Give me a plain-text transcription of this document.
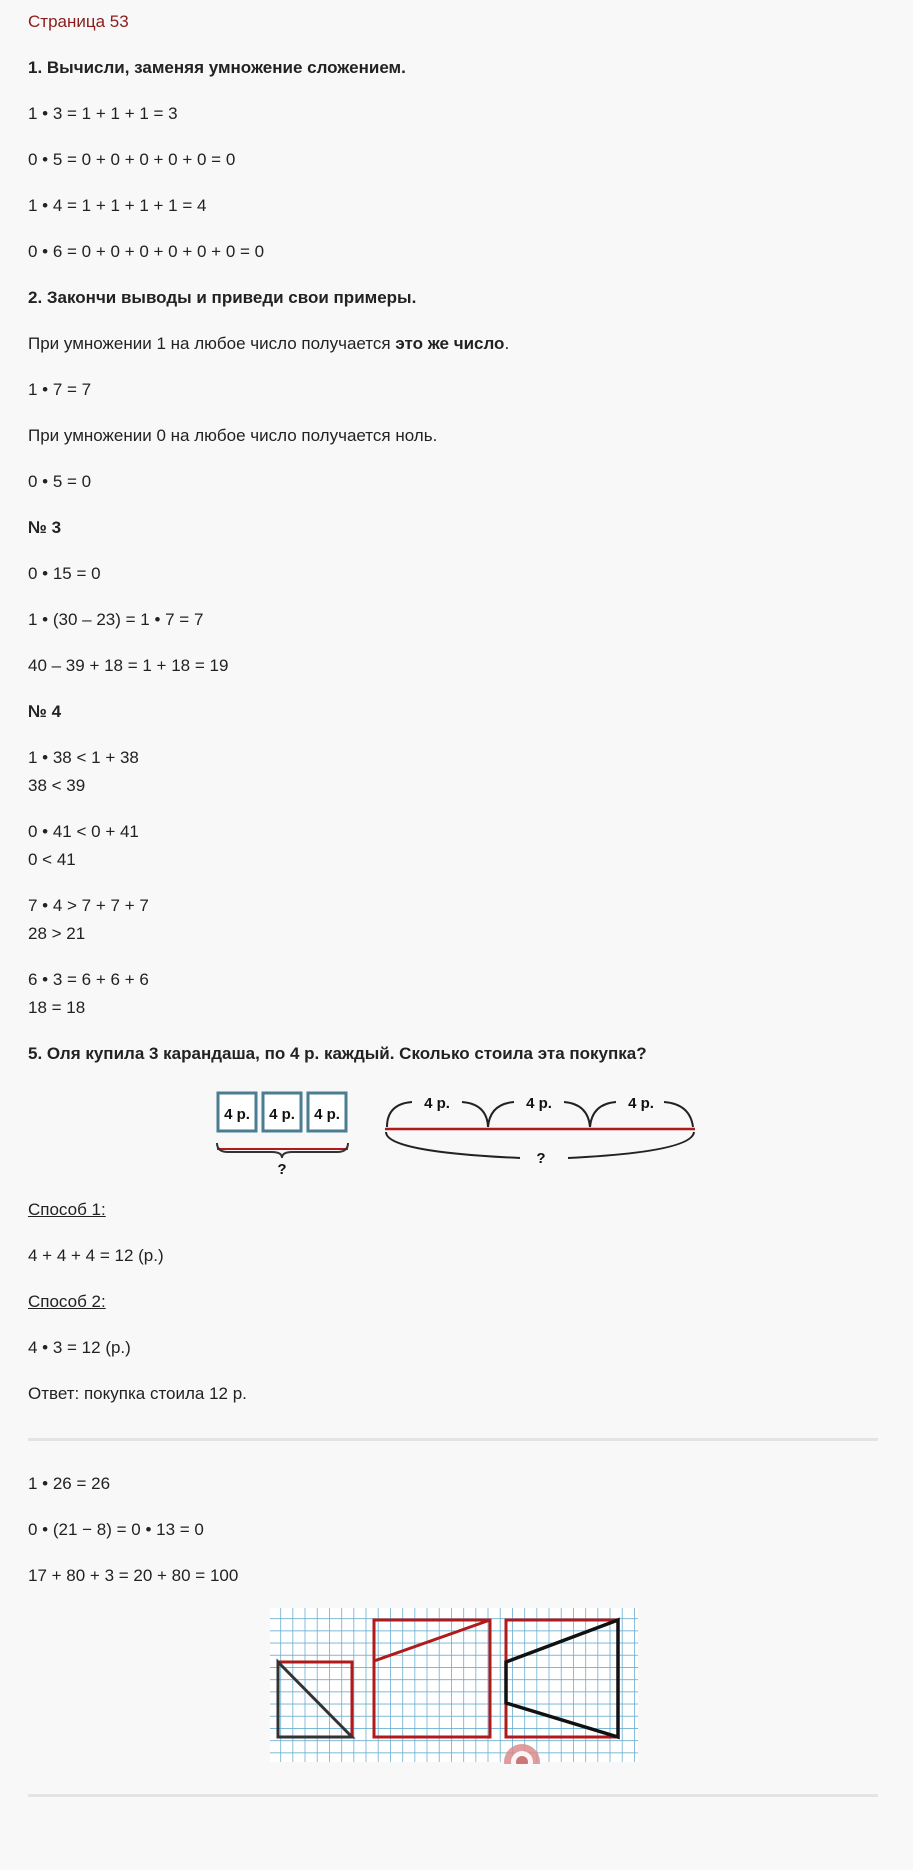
Страница 53
1. Вычисли, заменяя умножение сложением.
1 • 3 = 1 + 1 + 1 = 3
0 • 5 = 0 + 0 + 0 + 0 + 0 = 0
1 • 4 = 1 + 1 + 1 + 1 = 4
0 • 6 = 0 + 0 + 0 + 0 + 0 + 0 = 0
2. Закончи выводы и приведи свои примеры.
При умножении 1 на любое число получается это же число.
1 • 7 = 7
При умножении 0 на любое число получается ноль.
0 • 5 = 0
№ 3
0 • 15 = 0
1 • (30 – 23) = 1 • 7 = 7
40 – 39 + 18 = 1 + 18 = 19
№ 4
1 • 38 < 1 + 38
38 < 39
0 • 41 < 0 + 41
0 < 41
7 • 4 > 7 + 7 + 7
28 > 21
6 • 3 = 6 + 6 + 6
18 = 18
5. Оля купила 3 карандаша, по 4 р. каждый. Сколько стоила эта покупка?
4 р. 4 р. 4 р.
?
4 р.	4 р.	4 р.
?
Способ 1:
4 + 4 + 4 = 12 (р.)
Способ 2:
4 • 3 = 12 (р.)
Ответ: покупка стоила 12 р.
1 • 26 = 26
0 • (21 − 8) = 0 • 13 = 0
17 + 80 + 3 = 20 + 80 = 100
